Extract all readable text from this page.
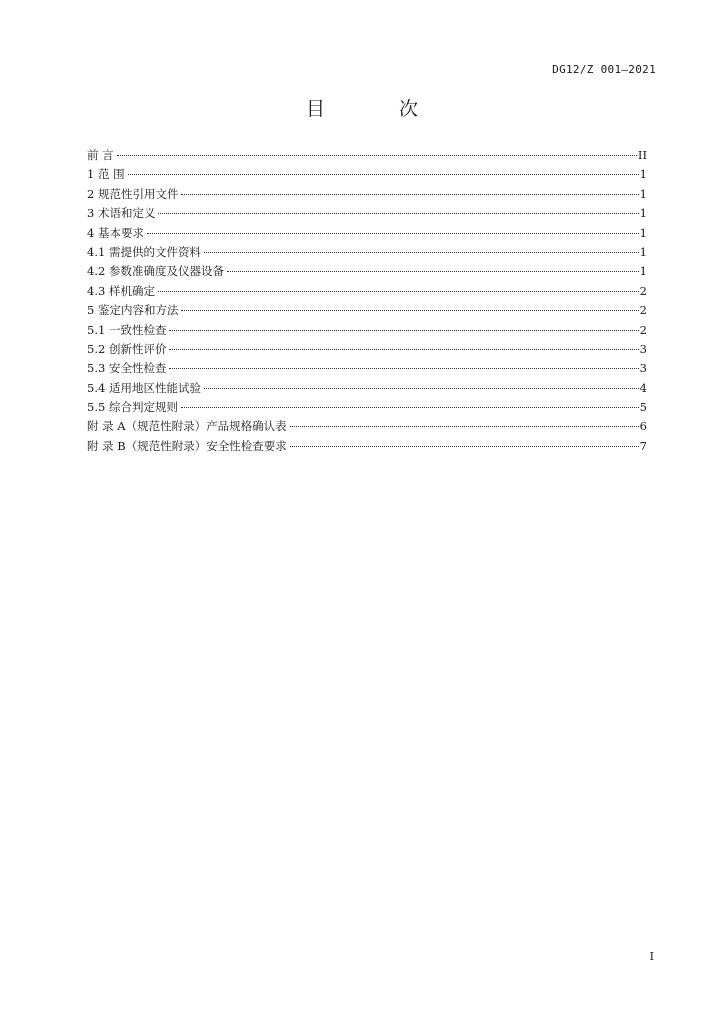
DG12/Z 001—2021
目 次
前 言	II
1 范 围	1
2 规范性引用文件	1
3 术语和定义	1
4 基本要求	1
4.1 需提供的文件资料	1
4.2 参数准确度及仪器设备	1
4.3 样机确定	2
5 鉴定内容和方法	2
5.1 一致性检查	2
5.2 创新性评价	3
5.3 安全性检查	3
5.4 适用地区性能试验	4
5.5 综合判定规则	5
附 录 A（规范性附录）产品规格确认表	6
附 录 B（规范性附录）安全性检查要求	7
I
